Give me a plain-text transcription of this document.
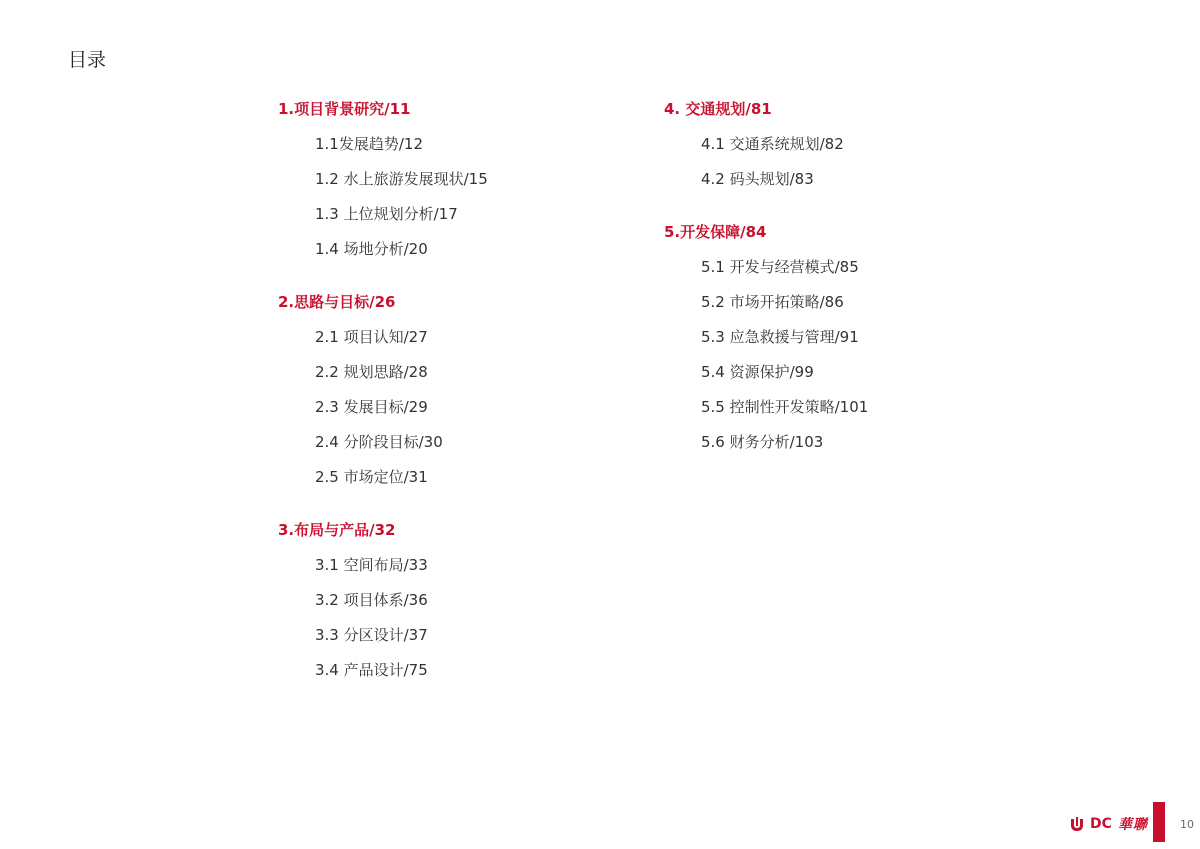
目录
1.项目背景研究/11
1.1发展趋势/12
1.2 水上旅游发展现状/15
1.3 上位规划分析/17
1.4 场地分析/20
2.思路与目标/26
2.1 项目认知/27
2.2 规划思路/28
2.3 发展目标/29
2.4 分阶段目标/30
2.5 市场定位/31
3.布局与产品/32
3.1 空间布局/33
3.2 项目体系/36
3.3 分区设计/37
3.4 产品设计/75
4. 交通规划/81
4.1 交通系统规划/82
4.2 码头规划/83
5.开发保障/84
5.1 开发与经营模式/85
5.2 市场开拓策略/86
5.3 应急救援与管理/91
5.4 资源保护/99
5.5 控制性开发策略/101
5.6 财务分析/103
DC 華聯	10
